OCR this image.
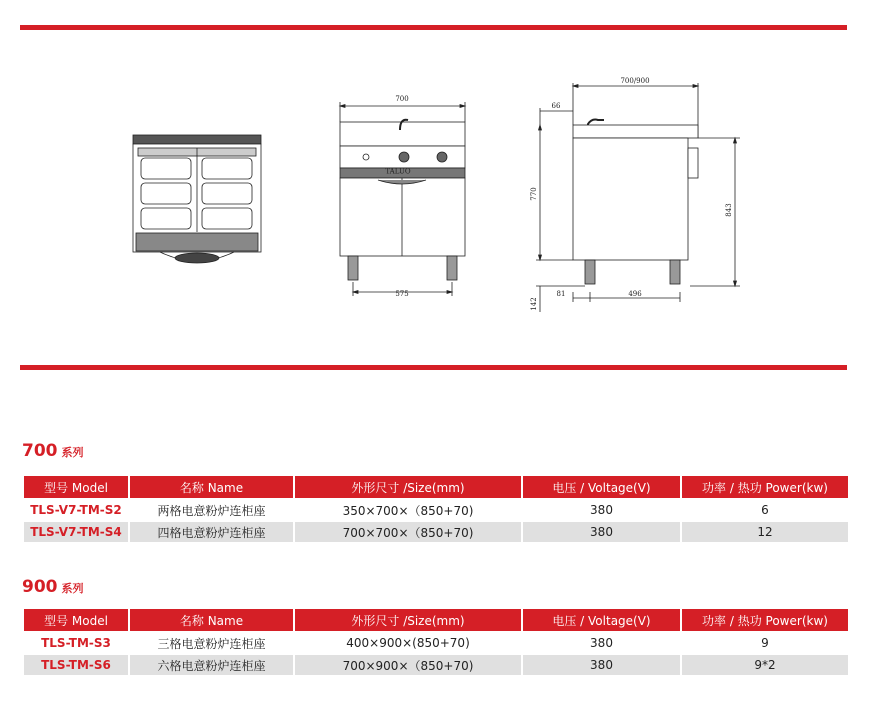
700
TALUO
575
700/900
66
770
843
142
81	496
700 系列
型号 Model	名称 Name	外形尺寸 /Size(mm)	电压 / Voltage(V)	功率 / 热功 Power(kw)
TLS-V7-TM-S2	两格电意粉炉连柜座	350×700×（850+70)	380	6
TLS-V7-TM-S4	四格电意粉炉连柜座	700×700×（850+70)	380	12
900 系列
型号 Model	名称 Name	外形尺寸 /Size(mm)	电压 / Voltage(V)	功率 / 热功 Power(kw)
TLS-TM-S3	三格电意粉炉连柜座	400×900×(850+70)	380	9
TLS-TM-S6	六格电意粉炉连柜座	700×900×（850+70)	380	9*2
